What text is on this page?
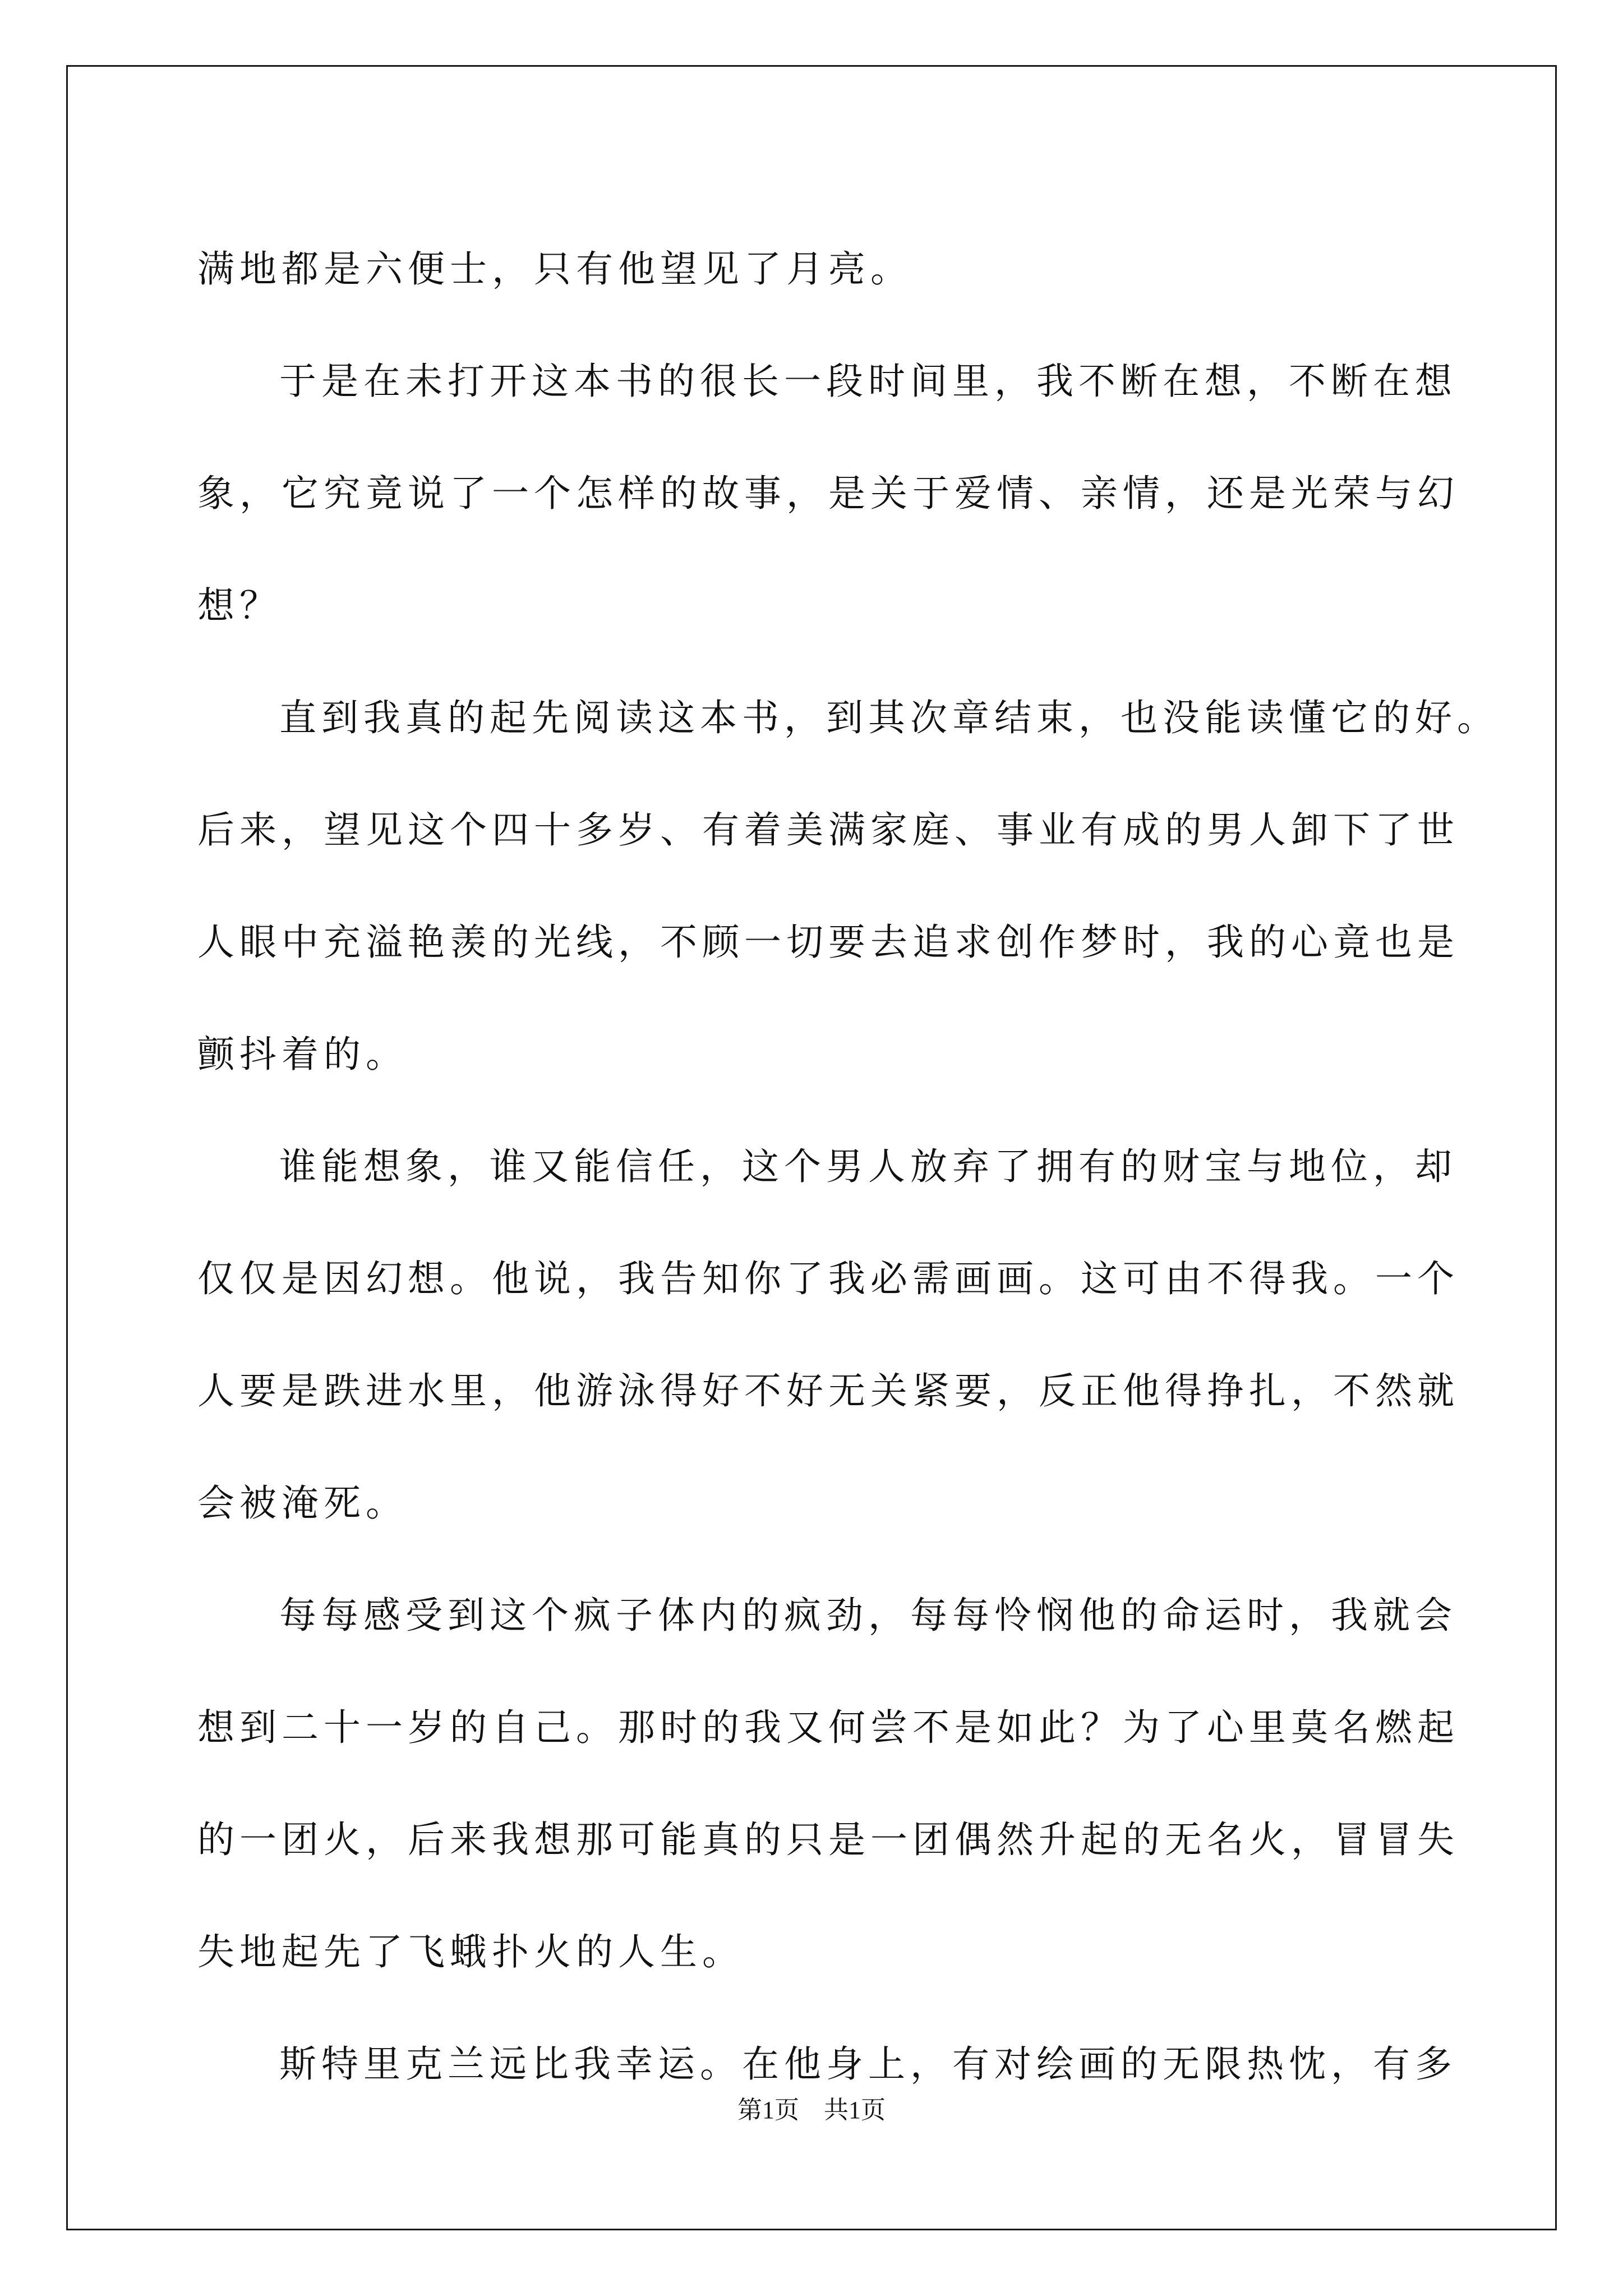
满地都是六便士，只有他望见了月亮。
于是在未打开这本书的很长一段时间里，我不断在想，不断在想
象，它究竟说了一个怎样的故事，是关于爱情、亲情，还是光荣与幻
想？
直到我真的起先阅读这本书，到其次章结束，也没能读懂它的好。
后来，望见这个四十多岁、有着美满家庭、事业有成的男人卸下了世
人眼中充溢艳羡的光线，不顾一切要去追求创作梦时，我的心竟也是
颤抖着的。
谁能想象，谁又能信任，这个男人放弃了拥有的财宝与地位，却
仅仅是因幻想。他说，我告知你了我必需画画。这可由不得我。一个
人要是跌进水里，他游泳得好不好无关紧要，反正他得挣扎，不然就
会被淹死。
每每感受到这个疯子体内的疯劲，每每怜悯他的命运时，我就会
想到二十一岁的自己。那时的我又何尝不是如此？为了心里莫名燃起
的一团火，后来我想那可能真的只是一团偶然升起的无名火，冒冒失
失地起先了飞蛾扑火的人生。
斯特里克兰远比我幸运。在他身上，有对绘画的无限热忱，有多
第1页　共1页
